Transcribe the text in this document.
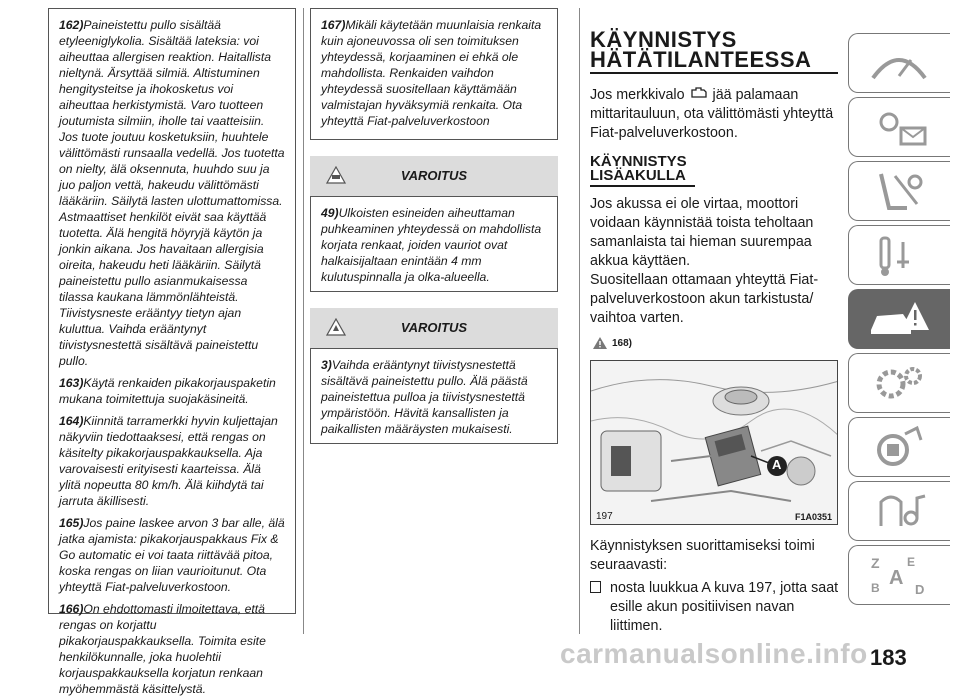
162)Paineistettu pullo sisältää etyleeniglykolia. Sisältää lateksia: voi aiheuttaa allergisen reaktion. Haitallista nieltynä. Ärsyttää silmiä. Altistuminen hengitysteitse ja ihokosketus voi aiheuttaa herkistymistä. Varo tuotteen joutumista silmiin, iholle tai vaatteisiin. Jos tuote joutuu kosketuksiin, huuhtele välittömästi runsaalla vedellä. Jos tuotetta on nielty, älä oksennuta, huuhdo suu ja juo paljon vettä, hakeudu välittömästi lääkäriin. Säilytä lasten ulottumattomissa. Astmaattiset henkilöt eivät saa käyttää tuotetta. Älä hengitä höyryjä käytön ja jonkin aikana. Jos havaitaan allergisia oireita, hakeudu heti lääkäriin. Säilytä paineistettu pullo asianmukaisessa tilassa kaukana lämmönlähteistä. Tiivistysneste erääntyy tietyn ajan kuluttua. Vaihda erääntynyt tiivistysnestettä sisältävä paineistettu pullo.

163)Käytä renkaiden pikakorjauspaketin mukana toimitettuja suojakäsineitä.

164)Kiinnitä tarramerkki hyvin kuljettajan näkyviin tiedottaaksesi, että rengas on käsitelty pikakorjauspakkauksella. Aja varovaisesti erityisesti kaarteissa. Älä ylitä nopeutta 80 km/h. Älä kiihdytä tai jarruta äkillisesti.

165)Jos paine laskee arvon 3 bar alle, älä jatka ajamista: pikakorjauspakkaus Fix & Go automatic ei voi taata riittävää pitoa, koska rengas on liian vaurioitunut. Ota yhteyttä Fiat-palveluverkostoon.

166)On ehdottomasti ilmoitettava, että rengas on korjattu pikakorjauspakkauksella. Toimita esite henkilökunnalle, joka huolehtii korjauspakkauksella korjatun renkaan myöhemmästä käsittelystä.

167)Mikäli käytetään muunlaisia renkaita kuin ajoneuvossa oli sen toimituksen yhteydessä, korjaaminen ei ehkä ole mahdollista. Renkaiden vaihdon yhteydessä suositellaan käyttämään valmistajan hyväksymiä renkaita. Ota yhteyttä Fiat-palveluverkostoon

VAROITUS

49)Ulkoisten esineiden aiheuttaman puhkeaminen yhteydessä on mahdollista korjata renkaat, joiden vauriot ovat halkaisijaltaan enintään 4 mm kulutuspinnalla ja olka-alueella.

VAROITUS

3)Vaihda erääntynyt tiivistysnestettä sisältävä paineistettu pullo. Älä päästä paineistettua pulloa ja tiivistysnestettä ympäristöön. Hävitä kansallisten ja paikallisten määräysten mukaisesti.

KÄYNNISTYS
HÄTÄTILANTEESSA

Jos merkkivalo jää palamaan mittaritauluun, ota välittömästi yhteyttä Fiat-palveluverkostoon.

KÄYNNISTYS
LISÄAKULLA

Jos akussa ei ole virtaa, moottori voidaan käynnistää toista teholtaan samanlaista tai hieman suurempaa akkua käyttäen.

Suositellaan ottamaan yhteyttä Fiat-palveluverkostoon akun tarkistusta/ vaihtoa varten.

168)
A
197	F1A0351

Käynnistyksen suorittamiseksi toimi seuraavasti:

nosta luukkua A kuva 197, jotta saat esille akun positiivisen navan liittimen.

Z E
A
B	D
carmanualsonline.info 183
